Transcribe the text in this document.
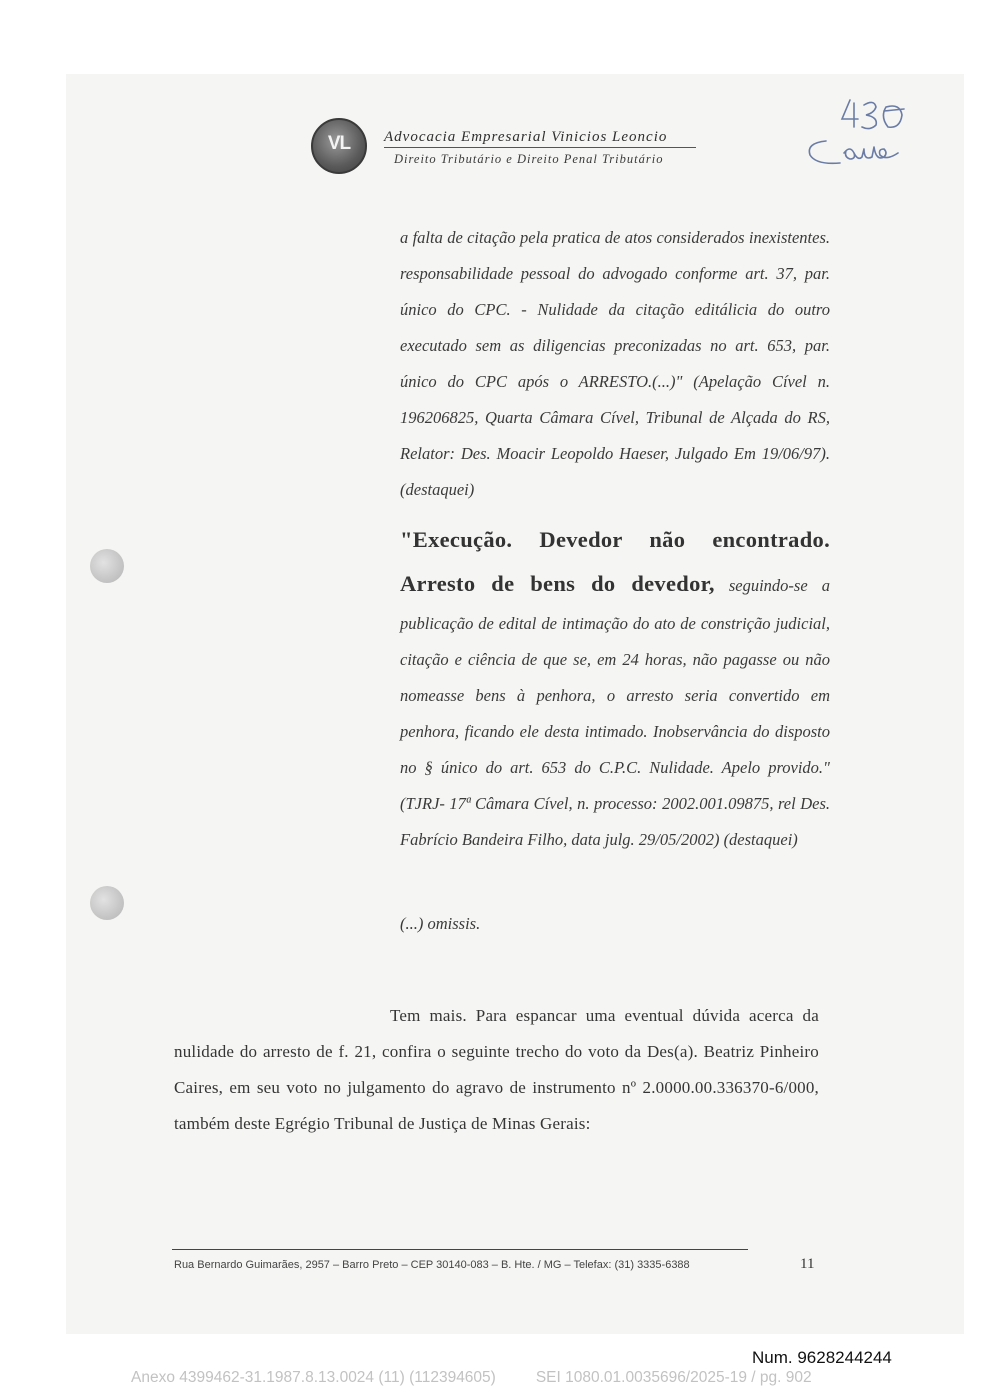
VL	Advocacia Empresarial Vinicios Leoncio
Direito Tributário e Direito Penal Tributário

a falta de citação pela pratica de atos considerados inexistentes. responsabilidade pessoal do advogado conforme art. 37, par. único do CPC. - Nulidade da citação editálicia do outro executado sem as diligencias preconizadas no art. 653, par. único do CPC após o ARRESTO.(...)" (Apelação Cível n. 196206825, Quarta Câmara Cível, Tribunal de Alçada do RS, Relator: Des. Moacir Leopoldo Haeser, Julgado Em 19/06/97). (destaquei)

"Execução. Devedor não encontrado. Arresto de bens do devedor, seguindo-se a publicação de edital de intimação do ato de constrição judicial, citação e ciência de que se, em 24 horas, não pagasse ou não nomeasse bens à penhora, o arresto seria convertido em penhora, ficando ele desta intimado. Inobservância do disposto no § único do art. 653 do C.P.C. Nulidade. Apelo provido."(TJRJ- 17ª Câmara Cível, n. processo: 2002.001.09875, rel Des. Fabrício Bandeira Filho, data julg. 29/05/2002) (destaquei)

(...) omissis.

Tem mais. Para espancar uma eventual dúvida acerca da nulidade do arresto de f. 21, confira o seguinte trecho do voto da Des(a). Beatriz Pinheiro Caires, em seu voto no julgamento do agravo de instrumento nº 2.0000.00.336370-6/000, também deste Egrégio Tribunal de Justiça de Minas Gerais:
Rua Bernardo Guimarães, 2957 – Barro Preto – CEP 30140-083 – B. Hte. / MG – Telefax: (31) 3335-6388	11
Num. 9628244244
Anexo 4399462-31.1987.8.13.0024 (11) (112394605)	SEI 1080.01.0035696/2025-19 / pg. 902
